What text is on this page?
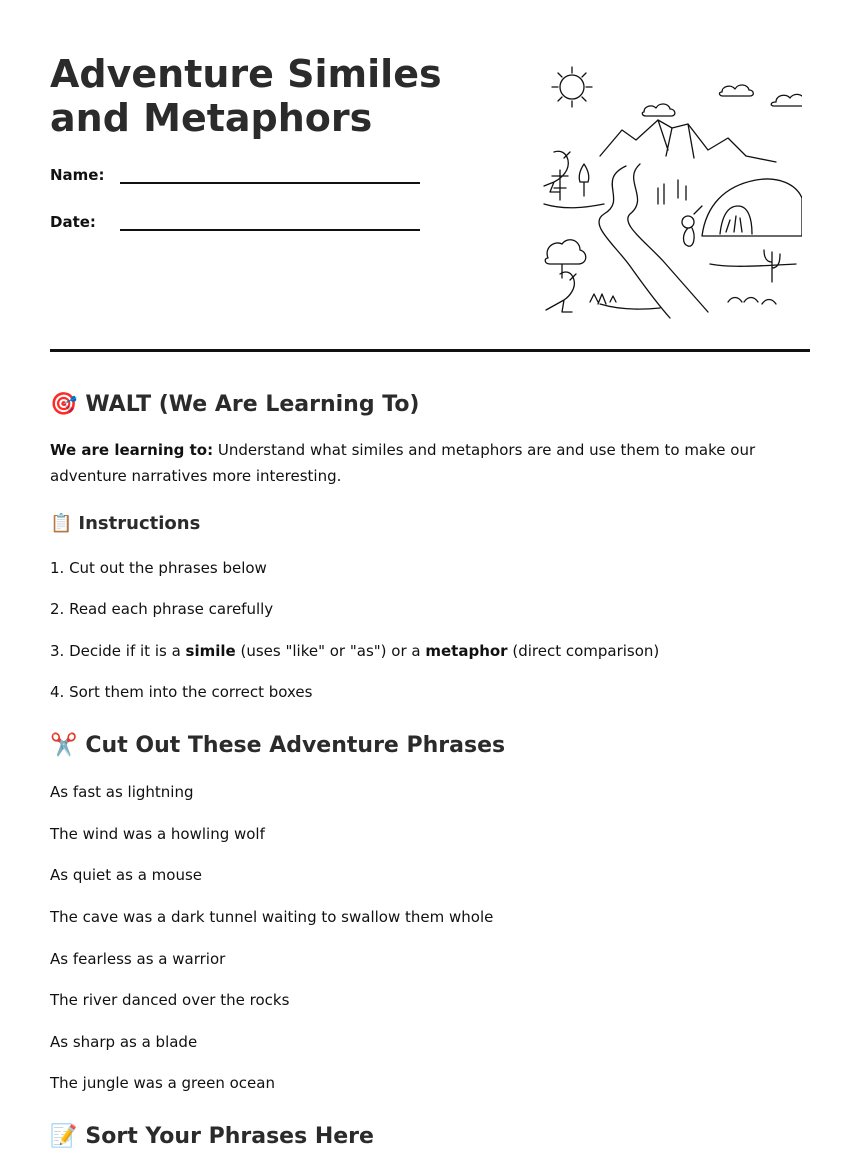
Adventure Similes and Metaphors
Name:
Date:
🎯 WALT (We Are Learning To)
We are learning to: Understand what similes and metaphors are and use them to make our adventure narratives more interesting.
📋 Instructions
1. Cut out the phrases below
2. Read each phrase carefully
3. Decide if it is a simile (uses "like" or "as") or a metaphor (direct comparison)
4. Sort them into the correct boxes
✂️ Cut Out These Adventure Phrases
As fast as lightning
The wind was a howling wolf
As quiet as a mouse
The cave was a dark tunnel waiting to swallow them whole
As fearless as a warrior
The river danced over the rocks
As sharp as a blade
The jungle was a green ocean
📝 Sort Your Phrases Here
